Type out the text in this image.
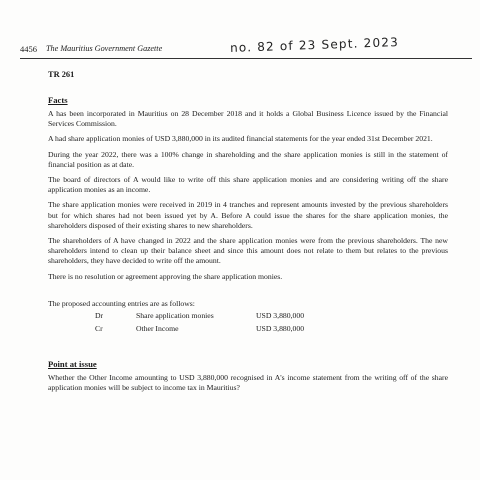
4456 The Mauritius Government Gazette	no. 82 of 23 Sept. 2023
TR 261
Facts

A has been incorporated in Mauritius on 28 December 2018 and it holds a Global Business Licence issued by the Financial Services Commission.

A had share application monies of USD 3,880,000 in its audited financial statements for the year ended 31st December 2021.

During the year 2022, there was a 100% change in shareholding and the share application monies is still in the statement of financial position as at date.

The board of directors of A would like to write off this share application monies and are considering writing off the share application monies as an income.

The share application monies were received in 2019 in 4 tranches and represent amounts invested by the previous shareholders but for which shares had not been issued yet by A. Before A could issue the shares for the share application monies, the shareholders disposed of their existing shares to new shareholders.

The shareholders of A have changed in 2022 and the share application monies were from the previous shareholders. The new shareholders intend to clean up their balance sheet and since this amount does not relate to them but relates to the previous shareholders, they have decided to write off the amount.

There is no resolution or agreement approving the share application monies.

The proposed accounting entries are as follows:
Dr	Share application monies	USD 3,880,000
Cr	Other Income	USD 3,880,000
Point at issue

Whether the Other Income amounting to USD 3,880,000 recognised in A's income statement from the writing off of the share application monies will be subject to income tax in Mauritius?
